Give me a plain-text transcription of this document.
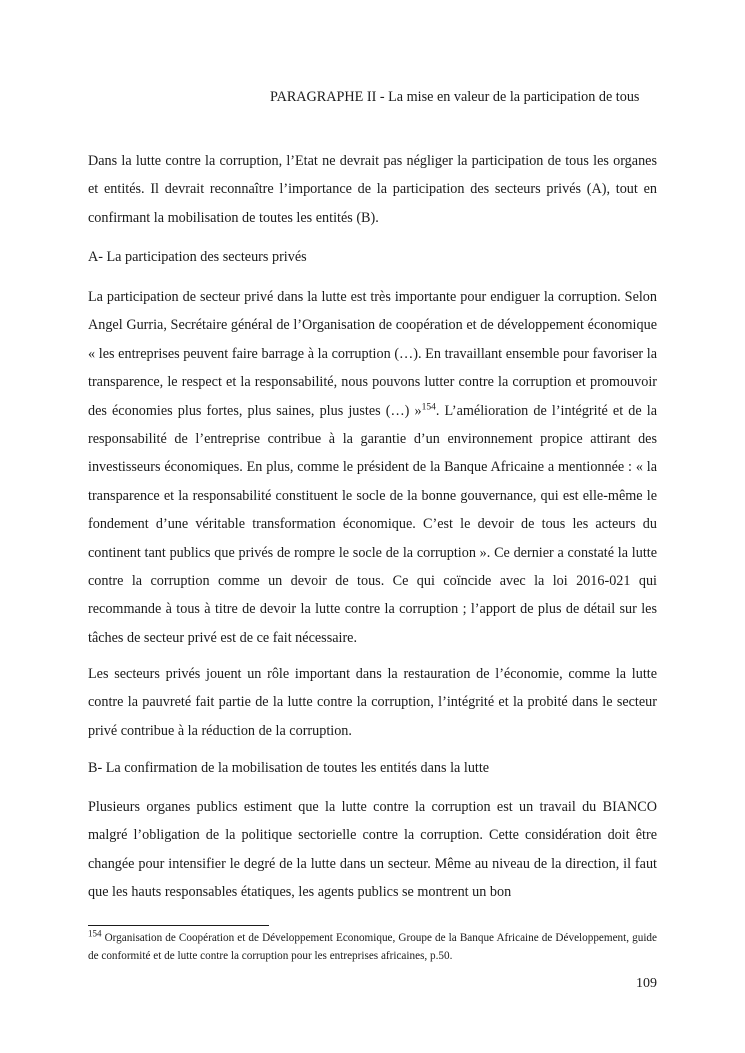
PARAGRAPHE II - La mise en valeur de la participation de tous

Dans la lutte contre la corruption, l’Etat ne devrait pas négliger la participation de tous les organes et entités. Il devrait reconnaître l’importance de la participation des secteurs privés (A), tout en confirmant la mobilisation de toutes les entités (B).

A- La participation des secteurs privés

La participation de secteur privé dans la lutte est très importante pour endiguer la corruption. Selon Angel Gurria, Secrétaire général de l’Organisation de coopération et de développement économique « les entreprises peuvent faire barrage à la corruption (…). En travaillant ensemble pour favoriser la transparence, le respect et la responsabilité, nous pouvons lutter contre la corruption et promouvoir des économies plus fortes, plus saines, plus justes (…) »$^{154}$. L’amélioration de l’intégrité et de la responsabilité de l’entreprise contribue à la garantie d’un environnement propice attirant des investisseurs économiques. En plus, comme le président de la Banque Africaine a mentionnée : « la transparence et la responsabilité constituent le socle de la bonne gouvernance, qui est elle-même le fondement d’une véritable transformation économique. C’est le devoir de tous les acteurs du continent tant publics que privés de rompre le socle de la corruption ». Ce dernier a constaté la lutte contre la corruption comme un devoir de tous. Ce qui coïncide avec la loi 2016-021 qui recommande à tous à titre de devoir la lutte contre la corruption ; l’apport de plus de détail sur les tâches de secteur privé est de ce fait nécessaire.

Les secteurs privés jouent un rôle important dans la restauration de l’économie, comme la lutte contre la pauvreté fait partie de la lutte contre la corruption, l’intégrité et la probité dans le secteur privé contribue à la réduction de la corruption.

B- La confirmation de la mobilisation de toutes les entités dans la lutte

Plusieurs organes publics estiment que la lutte contre la corruption est un travail du BIANCO malgré l’obligation de la politique sectorielle contre la corruption. Cette considération doit être changée pour intensifier le degré de la lutte dans un secteur. Même au niveau de la direction, il faut que les hauts responsables étatiques, les agents publics se montrent un bon

$^{154}$ Organisation de Coopération et de Développement Economique, Groupe de la Banque Africaine de Développement, guide de conformité et de lutte contre la corruption pour les entreprises africaines, p.50.

109
